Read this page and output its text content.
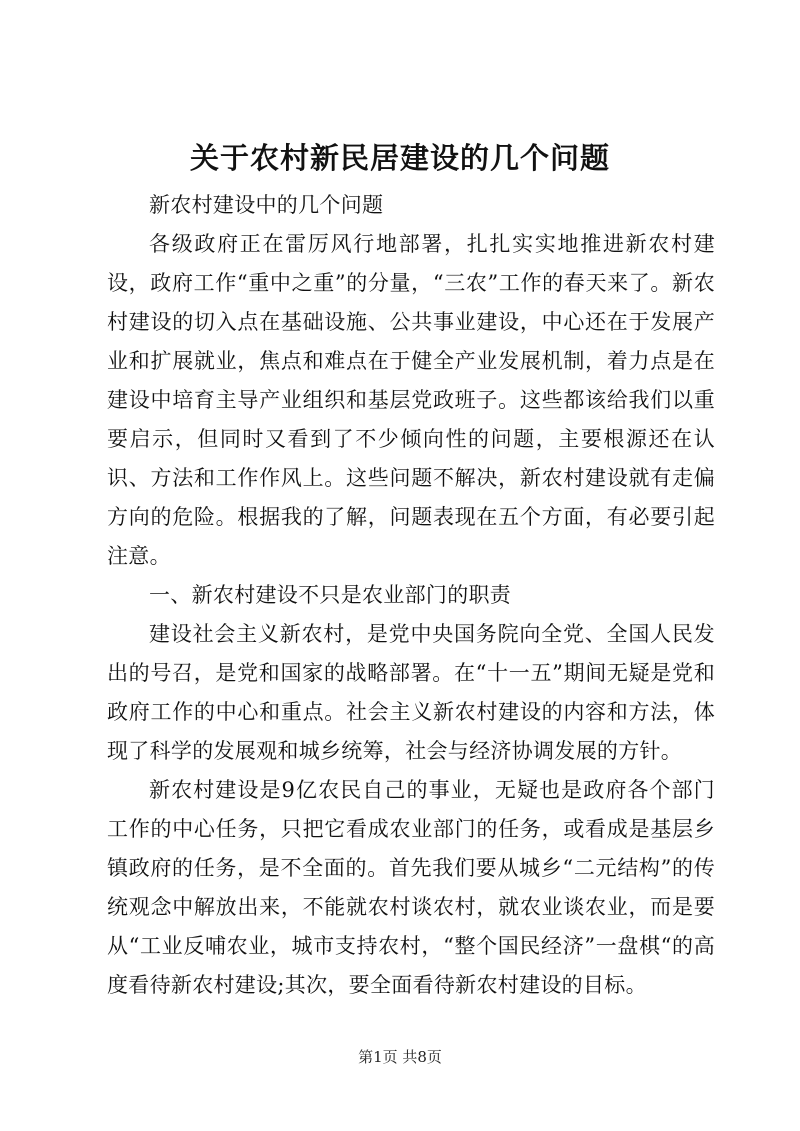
关于农村新民居建设的几个问题

新农村建设中的几个问题

各级政府正在雷厉风行地部署，扎扎实实地推进新农村建设，政府工作“重中之重”的分量，“三农”工作的春天来了。新农村建设的切入点在基础设施、公共事业建设，中心还在于发展产业和扩展就业，焦点和难点在于健全产业发展机制，着力点是在建设中培育主导产业组织和基层党政班子。这些都该给我们以重要启示，但同时又看到了不少倾向性的问题，主要根源还在认识、方法和工作作风上。这些问题不解决，新农村建设就有走偏方向的危险。根据我的了解，问题表现在五个方面，有必要引起注意。

一、新农村建设不只是农业部门的职责

建设社会主义新农村，是党中央国务院向全党、全国人民发出的号召，是党和国家的战略部署。在“十一五”期间无疑是党和政府工作的中心和重点。社会主义新农村建设的内容和方法，体现了科学的发展观和城乡统筹，社会与经济协调发展的方针。

新农村建设是9亿农民自己的事业，无疑也是政府各个部门工作的中心任务，只把它看成农业部门的任务，或看成是基层乡镇政府的任务，是不全面的。首先我们要从城乡“二元结构”的传统观念中解放出来，不能就农村谈农村，就农业谈农业，而是要从“工业反哺农业，城市支持农村，“整个国民经济”一盘棋“的高度看待新农村建设;其次，要全面看待新农村建设的目标。

第1页 共8页
